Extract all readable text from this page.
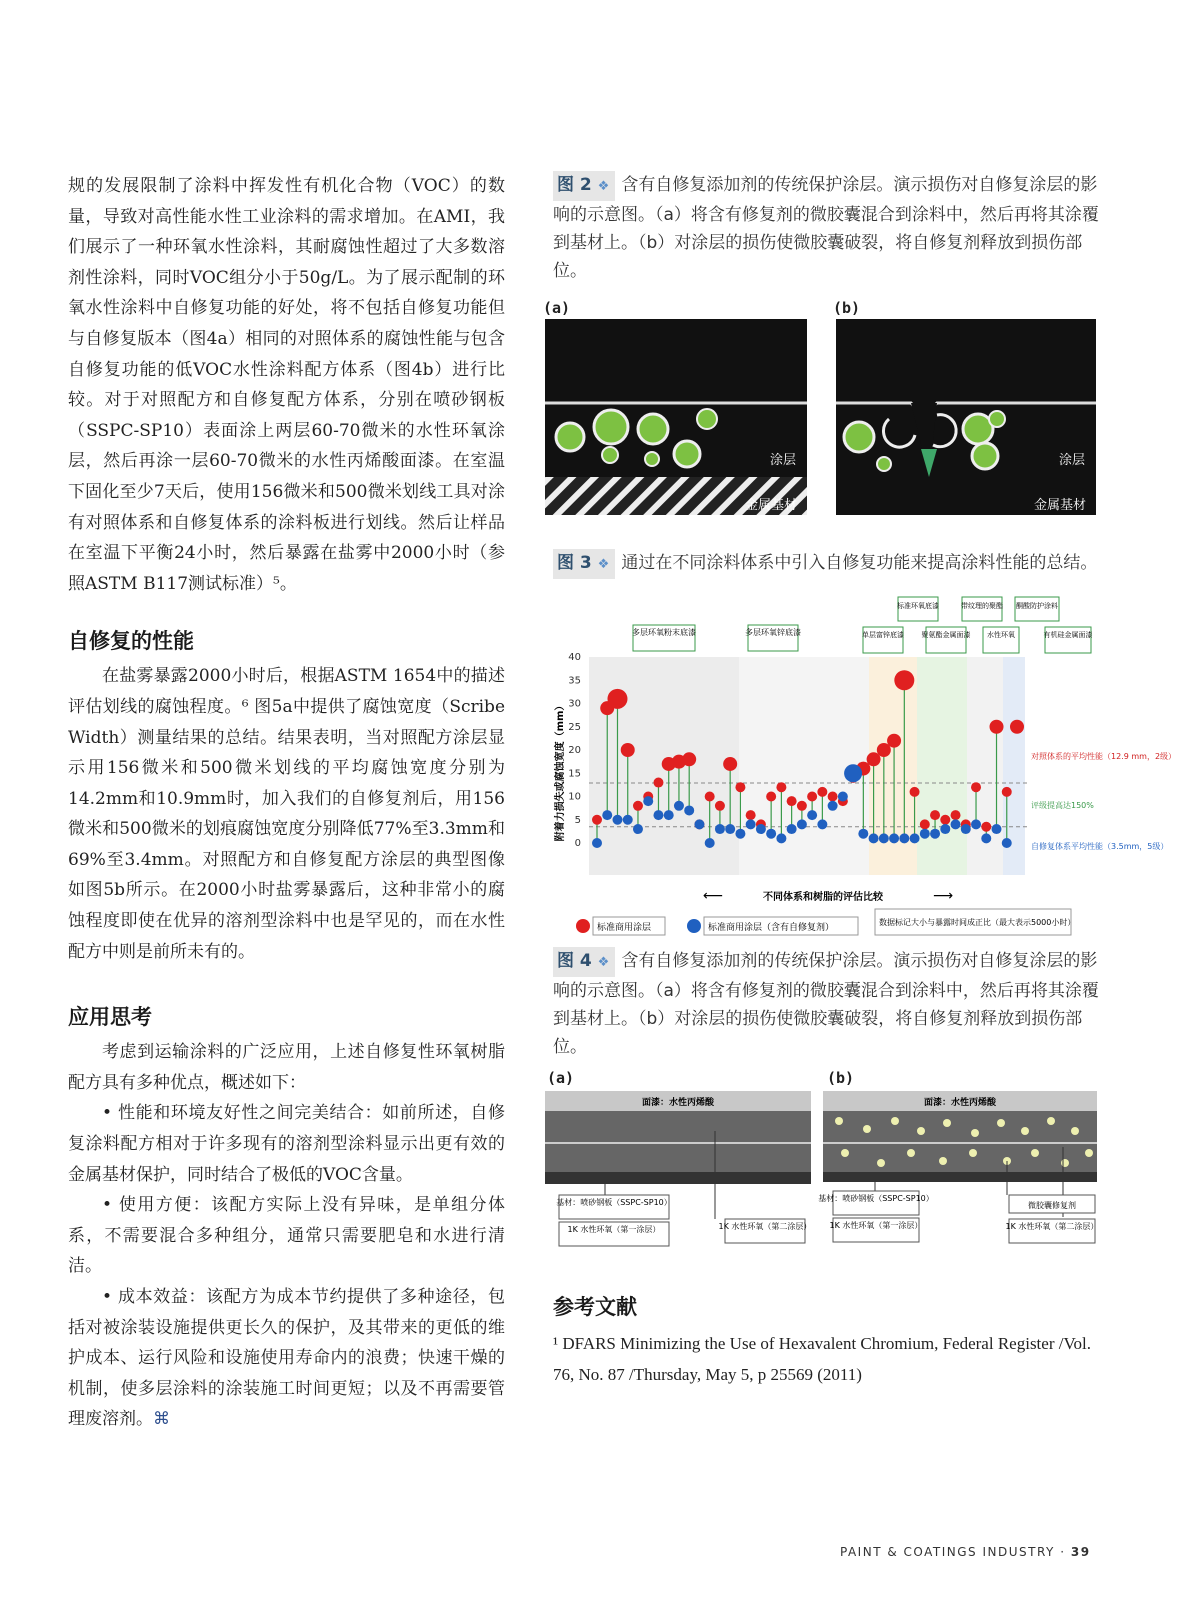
规的发展限制了涂料中挥发性有机化合物（VOC）的数量，导致对高性能水性工业涂料的需求增加。在AMI，我们展示了一种环氧水性涂料，其耐腐蚀性超过了大多数溶剂性涂料，同时VOC组分小于50g/L。为了展示配制的环氧水性涂料中自修复功能的好处，将不包括自修复功能但与自修复版本（图4a）相同的对照体系的腐蚀性能与包含自修复功能的低VOC水性涂料配方体系（图4b）进行比较。对于对照配方和自修复配方体系，分别在喷砂钢板（SSPC-SP10）表面涂上两层60-70微米的水性环氧涂层，然后再涂一层60-70微米的水性丙烯酸面漆。在室温下固化至少7天后，使用156微米和500微米划线工具对涂有对照体系和自修复体系的涂料板进行划线。然后让样品在室温下平衡24小时，然后暴露在盐雾中2000小时（参照ASTM B117测试标准）⁵。

自修复的性能

在盐雾暴露2000小时后，根据ASTM 1654中的描述评估划线的腐蚀程度。⁶ 图5a中提供了腐蚀宽度（Scribe Width）测量结果的总结。结果表明，当对照配方涂层显示用156微米和500微米划线的平均腐蚀宽度分别为14.2mm和10.9mm时，加入我们的自修复剂后，用156微米和500微米的划痕腐蚀宽度分别降低77%至3.3mm和69%至3.4mm。对照配方和自修复配方涂层的典型图像如图5b所示。在2000小时盐雾暴露后，这种非常小的腐蚀程度即使在优异的溶剂型涂料中也是罕见的，而在水性配方中则是前所未有的。

应用思考

考虑到运输涂料的广泛应用，上述自修复性环氧树脂配方具有多种优点，概述如下：

• 性能和环境友好性之间完美结合：如前所述，自修复涂料配方相对于许多现有的溶剂型涂料显示出更有效的金属基材保护，同时结合了极低的VOC含量。

• 使用方便：该配方实际上没有异味，是单组分体系，不需要混合多种组分，通常只需要肥皂和水进行清洁。

• 成本效益：该配方为成本节约提供了多种途径，包括对被涂装设施提供更长久的保护，及其带来的更低的维护成本、运行风险和设施使用寿命内的浪费；快速干燥的机制，使多层涂料的涂装施工时间更短；以及不再需要管理废溶剂。⌘

图 2 ❖ 含有自修复添加剂的传统保护涂层。演示损伤对自修复涂层的影响的示意图。（a）将含有修复剂的微胶囊混合到涂料中，然后再将其涂覆到基材上。（b）对涂层的损伤使微胶囊破裂，将自修复剂释放到损伤部位。
(a)	(b)
涂层
金属基材
涂层
金属基材
图 3 ❖ 通过在不同涂料体系中引入自修复功能来提高涂料性能的总结。
多层环氧粉末底漆	多层环氧锌底漆	单层富锌底漆
标准环氧底漆
聚氨酯金属面漆
带纹理的聚酯
水性环氧
酮酸防护涂料
有机硅金属面漆
0
5
10
15
20
25
30
35
40
附着力损失或腐蚀宽度（mm）	对照体系的平均性能（12.9 mm，2级）
评级提高达150%
自修复体系平均性能（3.5mm，5级）
⟵	不同体系和树脂的评估比较	⟶
标准商用涂层	标准商用涂层（含有自修复剂）
数据标记大小与暴露时间成正比（最大表示5000小时）
图 4 ❖ 含有自修复添加剂的传统保护涂层。演示损伤对自修复涂层的影响的示意图。（a）将含有修复剂的微胶囊混合到涂料中，然后再将其涂覆到基材上。（b）对涂层的损伤使微胶囊破裂，将自修复剂释放到损伤部位。
(a)	(b)
面漆：水性丙烯酸
基材：喷砂钢板（SSPC-SP10）
1K 水性环氧（第一涂层）	1K 水性环氧（第二涂层）
面漆：水性丙烯酸
基材：喷砂钢板（SSPC-SP10）
1K 水性环氧（第一涂层）
微胶囊修复剂
1K 水性环氧（第二涂层）
参考文献

¹ DFARS Minimizing the Use of Hexavalent Chromium, Federal Register /Vol. 76, No. 87 /Thursday, May 5, p 25569 (2011)

PAINT & COATINGS INDUSTRY · 39
